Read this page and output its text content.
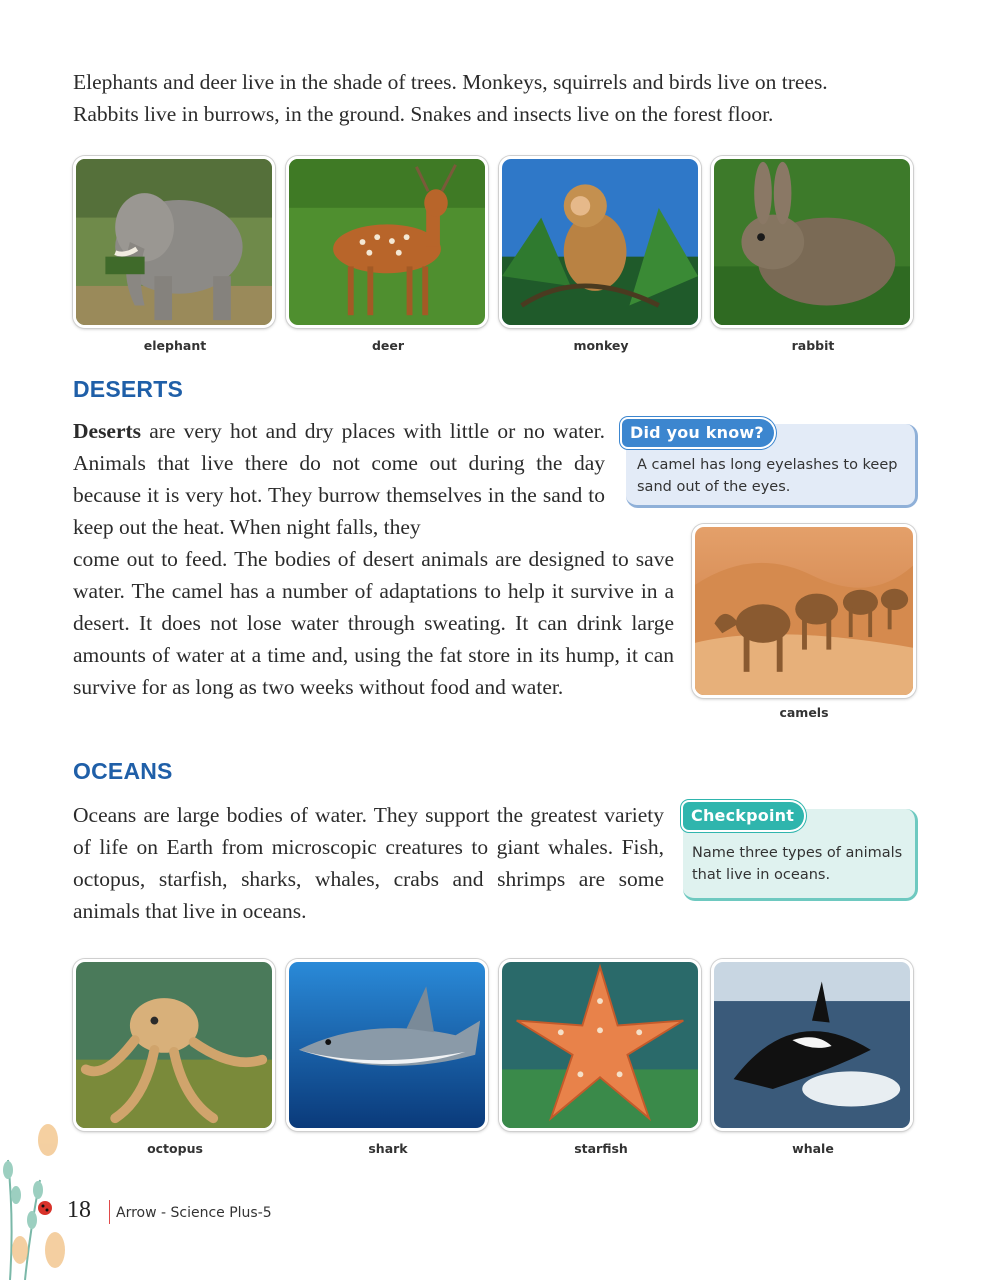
Elephants and deer live in the shade of trees. Monkeys, squirrels and birds live on trees.
Rabbits live in burrows, in the ground. Snakes and insects live on the forest floor.

elephant	deer	monkey	rabbit
DESERTS

Deserts are very hot and dry places with little or no water. Animals that live there do not come out during the day because it is very hot. They burrow themselves in the sand to keep out the heat. When night falls, they

come out to feed. The bodies of desert animals are designed to save water. The camel has a number of adaptations to help it survive in a desert. It does not lose water through sweating. It can drink large amounts of water at a time and, using the fat store in its hump, it can survive for as long as two weeks without food and water.

A camel has long eyelashes to keep sand out of the eyes.
Did you know?
camels
OCEANS

Oceans are large bodies of water. They support the greatest variety of life on Earth from microscopic creatures to giant whales. Fish, octopus, starfish, sharks, whales, crabs and shrimps are some animals that live in oceans.

Name three types of animals that live in oceans.
Checkpoint
octopus	shark	starfish	whale
18 Arrow - Science Plus-5
